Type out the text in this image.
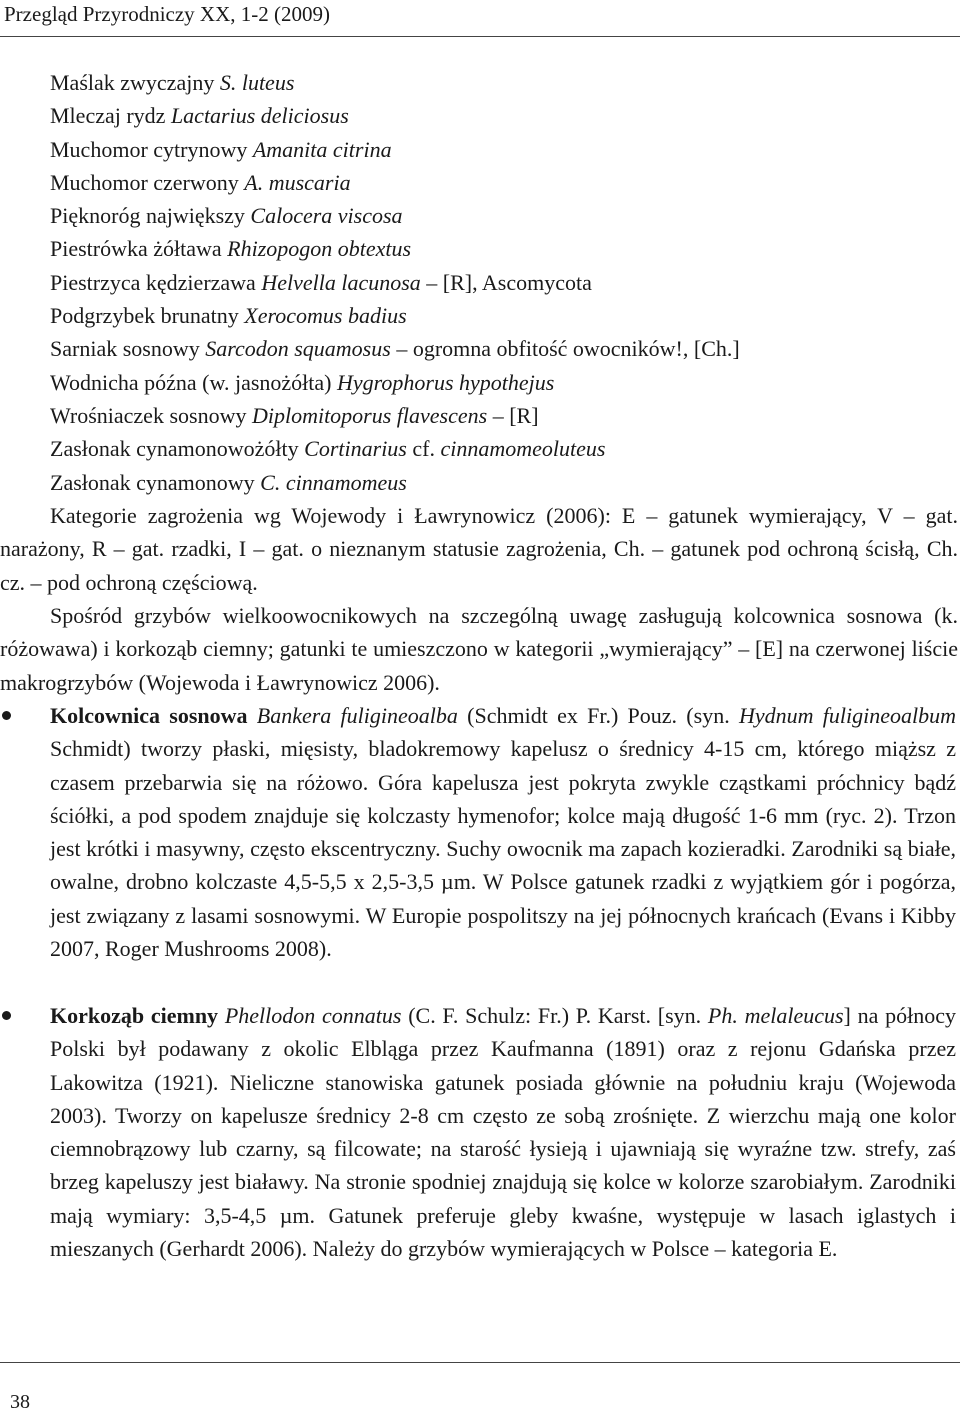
Przegląd Przyrodniczy XX, 1-2 (2009)
Maślak zwyczajny S. luteus
Mleczaj rydz Lactarius deliciosus
Muchomor cytrynowy Amanita citrina
Muchomor czerwony A. muscaria
Pięknoróg największy Calocera viscosa
Piestrówka żółtawa Rhizopogon obtextus
Piestrzyca kędzierzawa Helvella lacunosa – [R], Ascomycota
Podgrzybek brunatny Xerocomus badius
Sarniak sosnowy Sarcodon squamosus – ogromna obfitość owocników!, [Ch.]
Wodnicha późna (w. jasnożółta) Hygrophorus hypothejus
Wrośniaczek sosnowy Diplomitoporus flavescens – [R]
Zasłonak cynamonowożółty Cortinarius cf. cinnamomeoluteus
Zasłonak cynamonowy C. cinnamomeus
Kategorie zagrożenia wg Wojewody i Ławrynowicz (2006): E – gatunek wymierający, V – gat. narażony, R – gat. rzadki, I – gat. o nieznanym statusie zagrożenia, Ch. – gatunek pod ochroną ścisłą, Ch. cz. – pod ochroną częściową.
Spośród grzybów wielkoowocnikowych na szczególną uwagę zasługują kolcownica sosnowa (k. różowawa) i korkoząb ciemny; gatunki te umieszczono w kategorii „wymierający” – [E] na czerwonej liście makrogrzybów (Wojewoda i Ławrynowicz 2006).
Kolcownica sosnowa Bankera fuligineoalba (Schmidt ex Fr.) Pouz. (syn. Hydnum fuligineoalbum Schmidt) tworzy płaski, mięsisty, bladokremowy kapelusz o średnicy 4-15 cm, którego miąższ z czasem przebarwia się na różowo. Góra kapelusza jest pokryta zwykle cząstkami próchnicy bądź ściółki, a pod spodem znajduje się kolczasty hymenofor; kolce mają długość 1-6 mm (ryc. 2). Trzon jest krótki i masywny, często ekscentryczny. Suchy owocnik ma zapach kozieradki. Zarodniki są białe, owalne, drobno kolczaste 4,5-5,5 x 2,5-3,5 µm. W Polsce gatunek rzadki z wyjątkiem gór i pogórza, jest związany z lasami sosnowymi. W Europie pospolitszy na jej północnych krańcach (Evans i Kibby 2007, Roger Mushrooms 2008).
Korkoząb ciemny Phellodon connatus (C. F. Schulz: Fr.) P. Karst. [syn. Ph. melaleucus] na północy Polski był podawany z okolic Elbląga przez Kaufmanna (1891) oraz z rejonu Gdańska przez Lakowitza (1921). Nieliczne stanowiska gatunek posiada głównie na południu kraju (Wojewoda 2003). Tworzy on kapelusze średnicy 2-8 cm często ze sobą zrośnięte. Z wierzchu mają one kolor ciemnobrązowy lub czarny, są filcowate; na starość łysieją i ujawniają się wyraźne tzw. strefy, zaś brzeg kapeluszy jest białawy. Na stronie spodniej znajdują się kolce w kolorze szarobiałym. Zarodniki mają wymiary: 3,5-4,5 µm. Gatunek preferuje gleby kwaśne, występuje w lasach iglastych i mieszanych (Gerhardt 2006). Należy do grzybów wymierających w Polsce – kategoria E.
38
